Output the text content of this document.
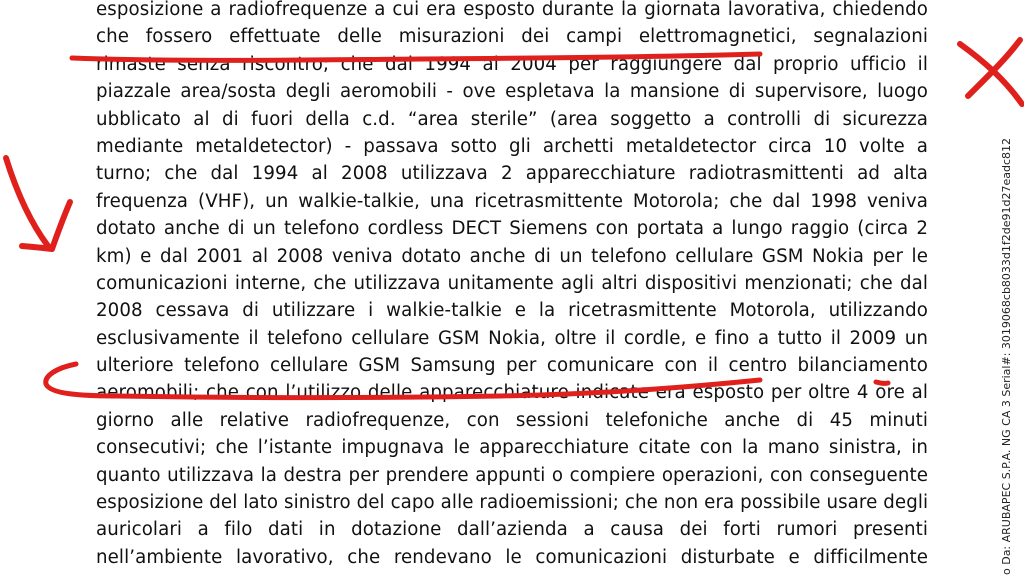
esposizione a radiofrequenze a cui era esposto durante la giornata lavorativa, chiedendo
che fossero effettuate delle misurazioni dei campi elettromagnetici, segnalazioni
rimaste senza riscontro; che dal 1994 al 2004 per raggiungere dal proprio ufficio il
piazzale area/sosta degli aeromobili - ove espletava la mansione di supervisore, luogo
ubblicato al di fuori della c.d. “area sterile” (area soggetto a controlli di sicurezza
mediante metaldetector) - passava sotto gli archetti metaldetector circa 10 volte a
turno; che dal 1994 al 2008 utilizzava 2 apparecchiature radiotrasmittenti ad alta
frequenza (VHF), un walkie-talkie, una ricetrasmittente Motorola; che dal 1998 veniva
dotato anche di un telefono cordless DECT Siemens con portata a lungo raggio (circa 2
km) e dal 2001 al 2008 veniva dotato anche di un telefono cellulare GSM Nokia per le
comunicazioni interne, che utilizzava unitamente agli altri dispositivi menzionati; che dal
2008 cessava di utilizzare i walkie-talkie e la ricetrasmittente Motorola, utilizzando
esclusivamente il telefono cellulare GSM Nokia, oltre il cordle, e fino a tutto il 2009 un
ulteriore telefono cellulare GSM Samsung per comunicare con il centro bilanciamento
aeromobili; che con l’utilizzo delle apparecchiature indicate era esposto per oltre 4 ore al
giorno alle relative radiofrequenze, con sessioni telefoniche anche di 45 minuti
consecutivi; che l’istante impugnava le apparecchiature citate con la mano sinistra, in
quanto utilizzava la destra per prendere appunti o compiere operazioni, con conseguente
esposizione del lato sinistro del capo alle radioemissioni; che non era possibile usare degli
auricolari a filo dati in dotazione dall’azienda a causa dei forti rumori presenti
nell’ambiente lavorativo, che rendevano le comunicazioni disturbate e difficilmente	o Da: ARUBAPEC S.P.A. NG CA 3 Serial#: 3019068cb8033d1f2de91d27eadc812
